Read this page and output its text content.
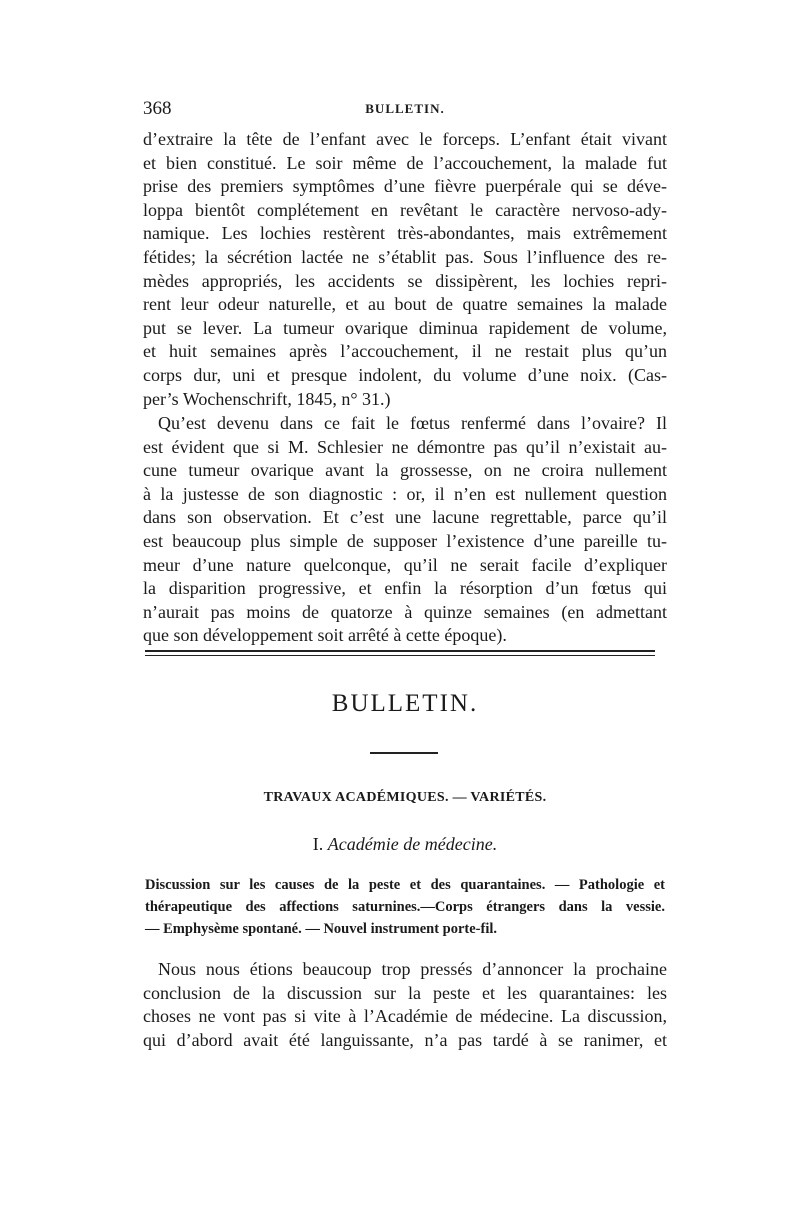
368	BULLETIN.
d’extraire la tête de l’enfant avec le forceps. L’enfant était vivant
et bien constitué. Le soir même de l’accouchement, la malade fut
prise des premiers symptômes d’une fièvre puerpérale qui se déve-
loppa bientôt complétement en revêtant le caractère nervoso-ady-
namique. Les lochies restèrent très-abondantes, mais extrêmement
fétides; la sécrétion lactée ne s’établit pas. Sous l’influence des re-
mèdes appropriés, les accidents se dissipèrent, les lochies repri-
rent leur odeur naturelle, et au bout de quatre semaines la malade
put se lever. La tumeur ovarique diminua rapidement de volume,
et huit semaines après l’accouchement, il ne restait plus qu’un
corps dur, uni et presque indolent, du volume d’une noix. (Cas-
per’s Wochenschrift, 1845, n° 31.)
Qu’est devenu dans ce fait le fœtus renfermé dans l’ovaire? Il
est évident que si M. Schlesier ne démontre pas qu’il n’existait au-
cune tumeur ovarique avant la grossesse, on ne croira nullement
à la justesse de son diagnostic : or, il n’en est nullement question
dans son observation. Et c’est une lacune regrettable, parce qu’il
est beaucoup plus simple de supposer l’existence d’une pareille tu-
meur d’une nature quelconque, qu’il ne serait facile d’expliquer
la disparition progressive, et enfin la résorption d’un fœtus qui
n’aurait pas moins de quatorze à quinze semaines (en admettant
que son développement soit arrêté à cette époque).
BULLETIN.
TRAVAUX ACADÉMIQUES. — VARIÉTÉS.
I. Académie de médecine.
Discussion sur les causes de la peste et des quarantaines. — Pathologie et
thérapeutique des affections saturnines.—Corps étrangers dans la vessie.
— Emphysème spontané. — Nouvel instrument porte-fil.
Nous nous étions beaucoup trop pressés d’annoncer la prochaine
conclusion de la discussion sur la peste et les quarantaines: les
choses ne vont pas si vite à l’Académie de médecine. La discussion,
qui d’abord avait été languissante, n’a pas tardé à se ranimer, et
